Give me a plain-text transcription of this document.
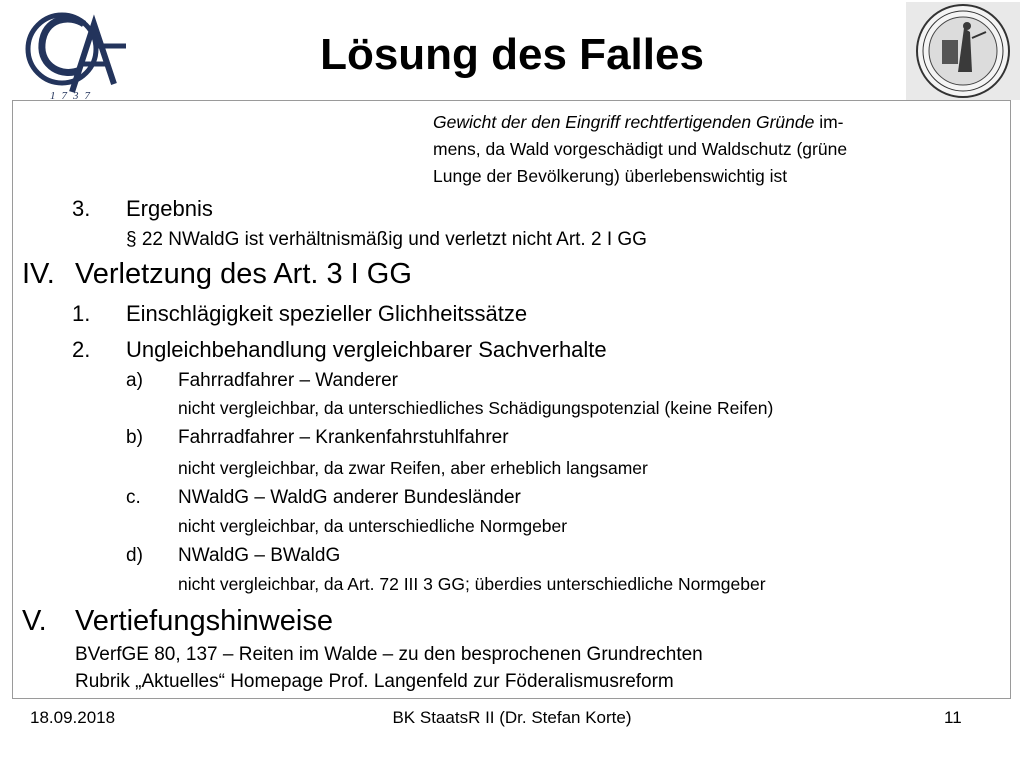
1737
Lösung des Falles
Gewicht der den Eingriff rechtfertigenden Gründe im-
mens, da Wald vorgeschädigt und Waldschutz (grüne
Lunge der Bevölkerung) überlebenswichtig ist
3. Ergebnis
§ 22 NWaldG ist verhältnismäßig und verletzt nicht Art. 2 I GG
IV. Verletzung des Art. 3 I GG
1. Einschlägigkeit spezieller Glichheitssätze
2. Ungleichbehandlung vergleichbarer Sachverhalte
a) Fahrradfahrer – Wanderer
nicht vergleichbar, da unterschiedliches Schädigungspotenzial (keine Reifen)
b) Fahrradfahrer – Krankenfahrstuhlfahrer
nicht vergleichbar, da zwar Reifen, aber erheblich langsamer
c. NWaldG – WaldG anderer Bundesländer
nicht vergleichbar, da unterschiedliche Normgeber
d) NWaldG – BWaldG
nicht vergleichbar, da Art. 72 III 3 GG; überdies unterschiedliche Normgeber
V. Vertiefungshinweise
BVerfGE 80, 137 – Reiten im Walde – zu den besprochenen Grundrechten
Rubrik „Aktuelles“ Homepage Prof. Langenfeld zur Föderalismusreform
18.09.2018	BK StaatsR II (Dr. Stefan Korte)	11
